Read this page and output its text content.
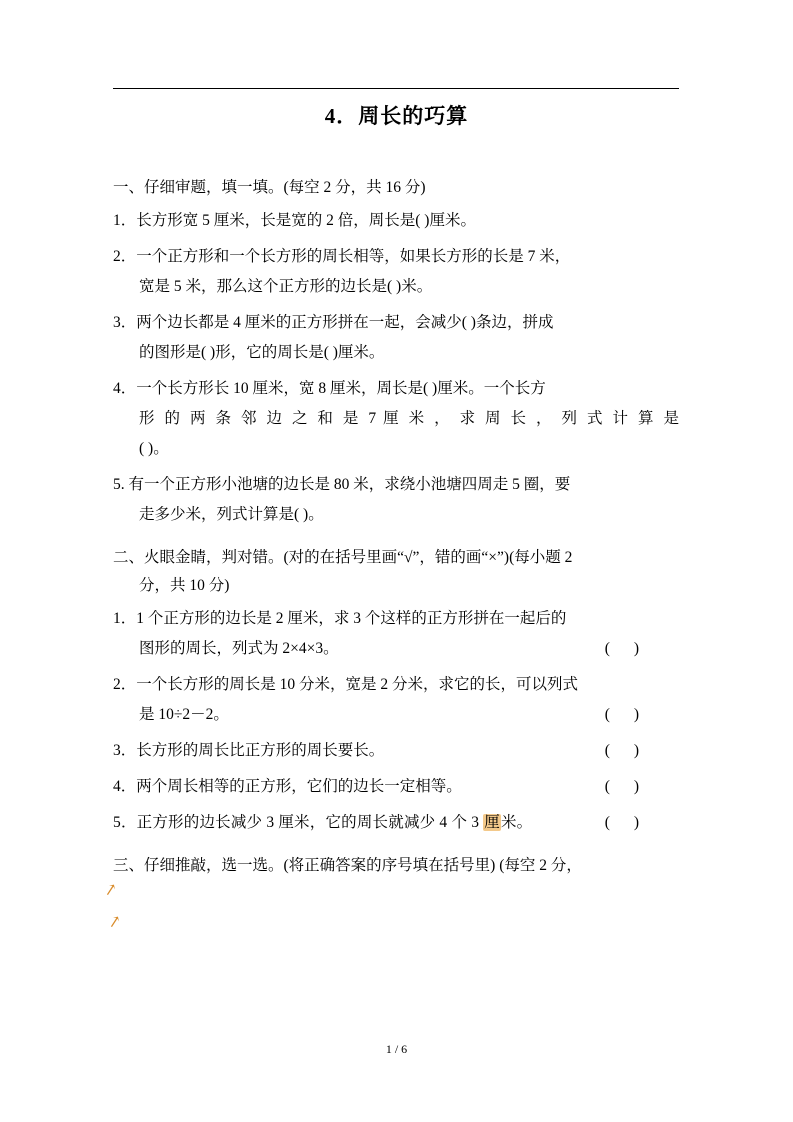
4．周长的巧算
一、仔细审题，填一填。(每空 2 分，共 16 分)
1．长方形宽 5 厘米，长是宽的 2 倍，周长是( )厘米。
2．一个正方形和一个长方形的周长相等，如果长方形的长是 7 米，
宽是 5 米，那么这个正方形的边长是( )米。
3．两个边长都是 4 厘米的正方形拼在一起，会减少( )条边，拼成
的图形是( )形，它的周长是( )厘米。
4．一个长方形长 10 厘米，宽 8 厘米，周长是( )厘米。一个长方
形 的 两 条 邻 边 之 和 是 7 厘 米 ， 求 周 长 ， 列 式 计 算 是
( )。
5. 有一个正方形小池塘的边长是 80 米，求绕小池塘四周走 5 圈，要
走多少米，列式计算是( )。
二、火眼金睛，判对错。(对的在括号里画“√”，错的画“×”)(每小题 2
分，共 10 分)
1．1 个正方形的边长是 2 厘米，求 3 个这样的正方形拼在一起后的
图形的周长，列式为 2×4×3。	( )
2．一个长方形的周长是 10 分米，宽是 2 分米，求它的长，可以列式
是 10÷2－2。	( )
3．长方形的周长比正方形的周长要长。	( )
4．两个周长相等的正方形，它们的边长一定相等。	( )
5．正方形的边长减少 3 厘米，它的周长就减少 4 个 3 厘米。	( )
三、仔细推敲，选一选。(将正确答案的序号填在括号里) (每空 2 分，
↗
↗
1 / 6
